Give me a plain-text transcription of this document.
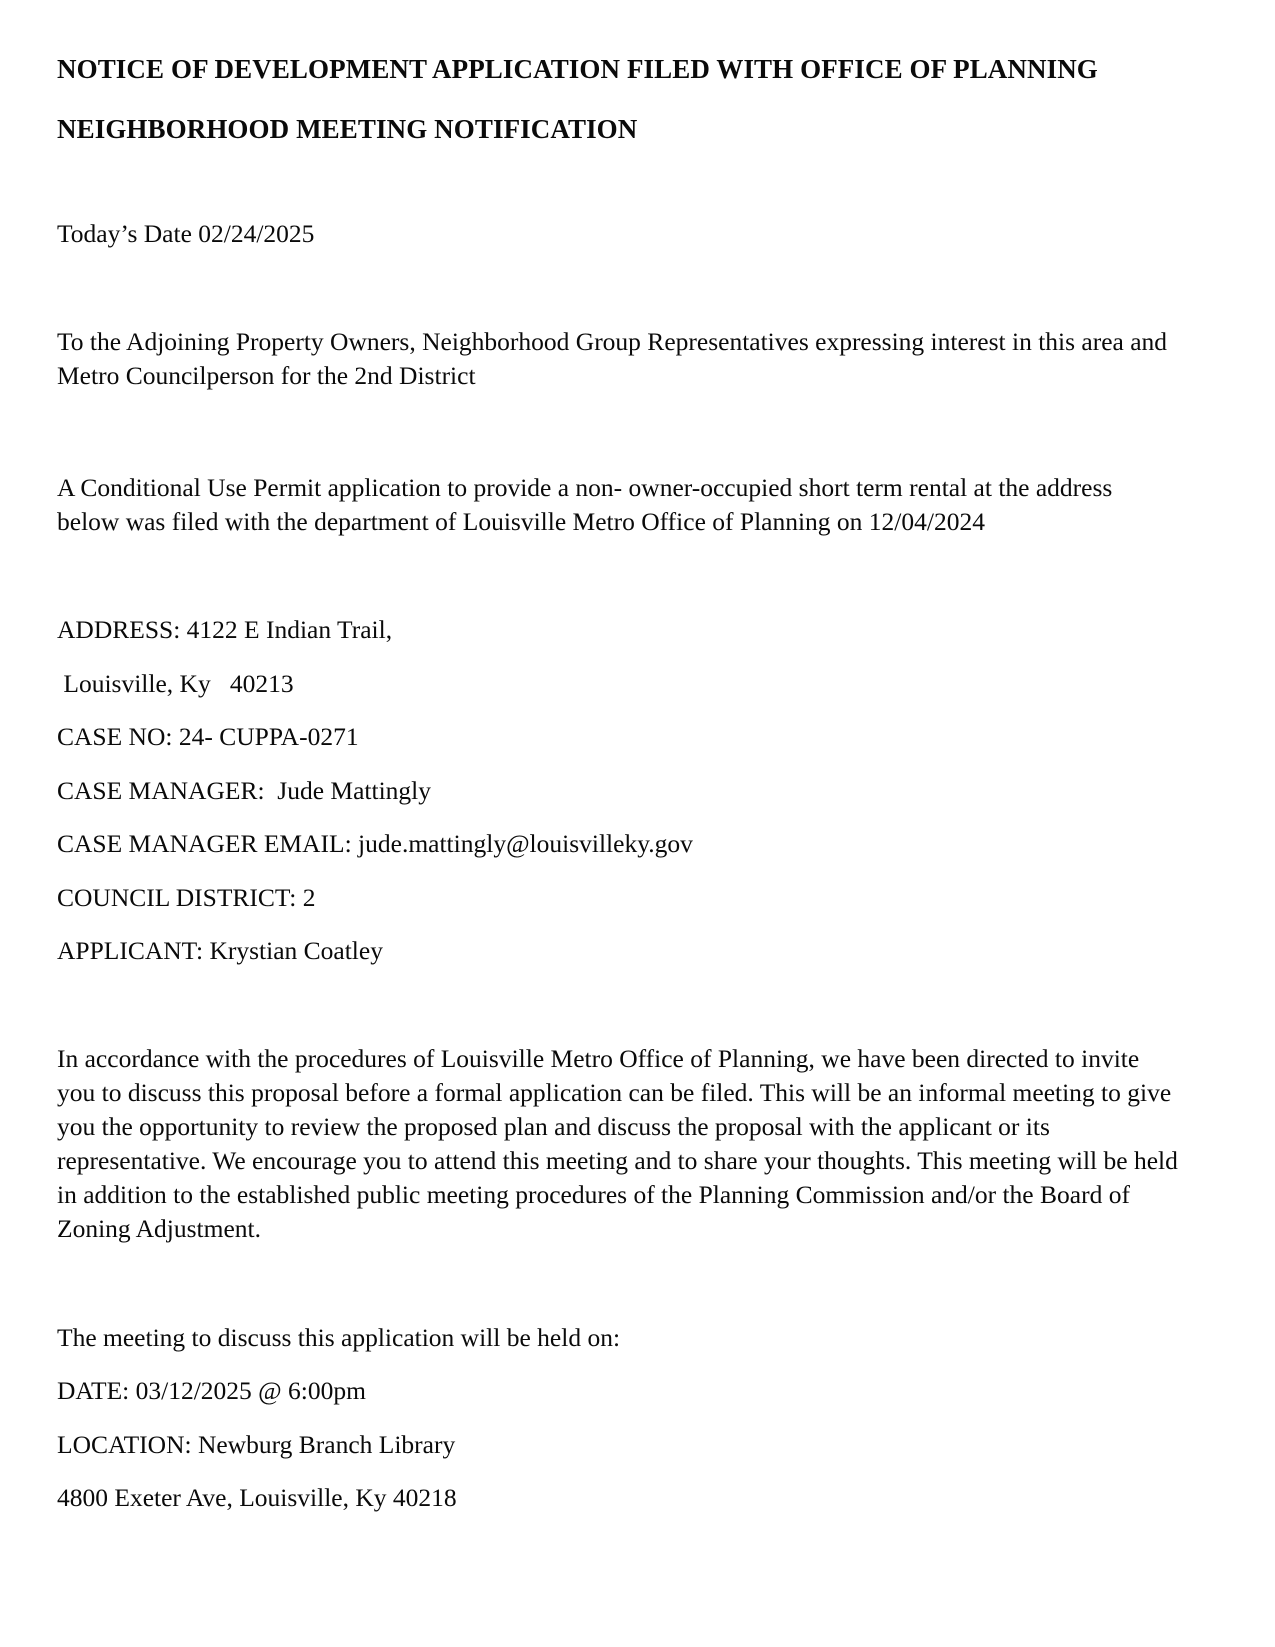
NOTICE OF DEVELOPMENT APPLICATION FILED WITH OFFICE OF PLANNING
NEIGHBORHOOD MEETING NOTIFICATION

Today’s Date 02/24/2025

To the Adjoining Property Owners, Neighborhood Group Representatives expressing interest in this area and Metro Councilperson for the 2nd District

A Conditional Use Permit application to provide a non- owner-occupied short term rental at the address below was filed with the department of Louisville Metro Office of Planning on 12/04/2024

ADDRESS: 4122 E Indian Trail,

Louisville, Ky   40213

CASE NO: 24- CUPPA-0271

CASE MANAGER:  Jude Mattingly

CASE MANAGER EMAIL: jude.mattingly@louisvilleky.gov

COUNCIL DISTRICT: 2

APPLICANT: Krystian Coatley

In accordance with the procedures of Louisville Metro Office of Planning, we have been directed to invite you to discuss this proposal before a formal application can be filed. This will be an informal meeting to give you the opportunity to review the proposed plan and discuss the proposal with the applicant or its representative. We encourage you to attend this meeting and to share your thoughts. This meeting will be held in addition to the established public meeting procedures of the Planning Commission and/or the Board of Zoning Adjustment.

The meeting to discuss this application will be held on:

DATE: 03/12/2025 @ 6:00pm

LOCATION: Newburg Branch Library

4800 Exeter Ave, Louisville, Ky 40218
